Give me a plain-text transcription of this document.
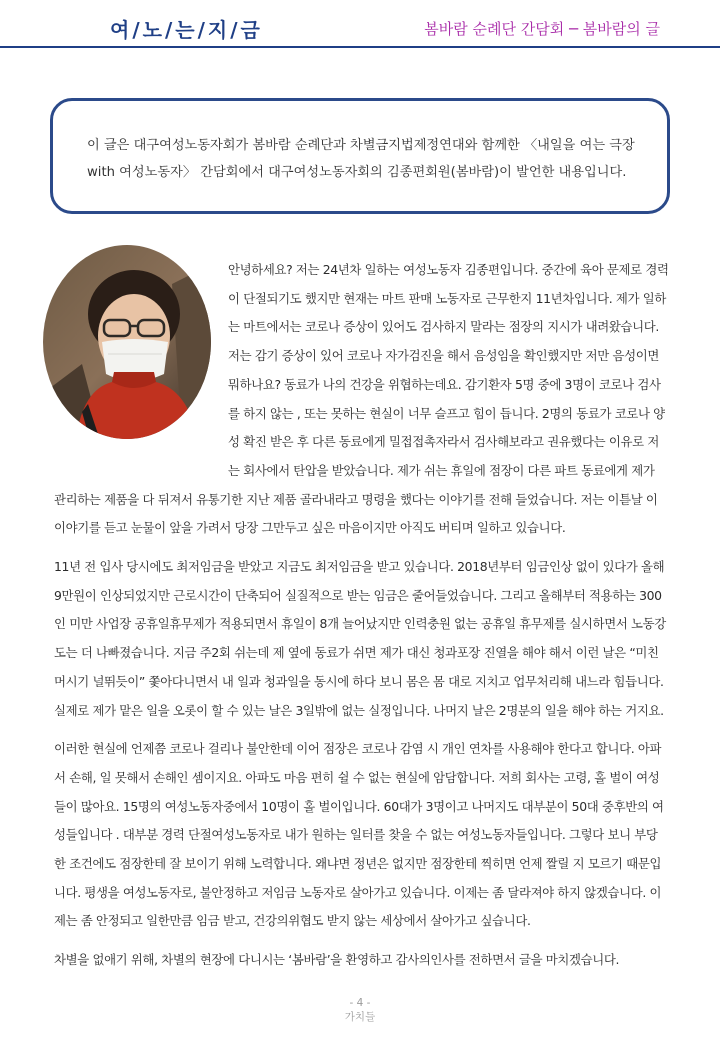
여/노/는/지/금	봄바람 순례단 간담회 ─ 봄바람의 글
이 글은 대구여성노동자회가 봄바람 순례단과 차별금지법제정연대와 함께한 〈내일을 여는 극장 with 여성노동자〉 간담회에서 대구여성노동자회의 김종편회원(봄바람)이 발언한 내용입니다.

안녕하세요? 저는 24년차 일하는 여성노동자 김종편입니다. 중간에 육아 문제로 경력이 단절되기도 했지만 현재는 마트 판매 노동자로 근무한지 11년차입니다. 제가 일하는 마트에서는 코로나 증상이 있어도 검사하지 말라는 점장의 지시가 내려왔습니다. 저는 감기 증상이 있어 코로나 자가검진을 해서 음성임을 확인했지만 저만 음성이면 뭐하나요? 동료가 나의 건강을 위협하는데요. 감기환자 5명 중에 3명이 코로나 검사를 하지 않는 , 또는 못하는 현실이 너무 슬프고 힘이 듭니다. 2명의 동료가 코로나 양성 확진 받은 후 다른 동료에게 밀접접촉자라서 검사해보라고 권유했다는 이유로 저는 회사에서 탄압을 받았습니다. 제가 쉬는 휴일에 점장이 다른 파트 동료에게 제가 관리하는 제품을 다 뒤져서 유통기한 지난 제품 골라내라고 명령을 했다는 이야기를 전해 들었습니다. 저는 이튿날 이 이야기를 듣고 눈물이 앞을 가려서 당장 그만두고 싶은 마음이지만 아직도 버티며 일하고 있습니다.

11년 전 입사 당시에도 최저임금을 받았고 지금도 최저임금을 받고 있습니다. 2018년부터 임금인상 없이 있다가 올해 9만원이 인상되었지만 근로시간이 단축되어 실질적으로 받는 임금은 줄어들었습니다. 그리고 올해부터 적용하는 300인 미만 사업장 공휴일휴무제가 적용되면서 휴일이 8개 늘어났지만 인력충원 없는 공휴일 휴무제를 실시하면서 노동강도는 더 나빠졌습니다. 지금 주2회 쉬는데 제 옆에 동료가 쉬면 제가 대신 청과포장 진열을 해야 해서 이런 날은 “미친 머시기 널뛰듯이” 쫓아다니면서 내 일과 청과일을 동시에 하다 보니 몸은 몸 대로 지치고 업무처리해 내느라 힘듭니다. 실제로 제가 맡은 일을 오롯이 할 수 있는 날은 3일밖에 없는 실정입니다. 나머지 날은 2명분의 일을 해야 하는 거지요.

이러한 현실에 언제쯤 코로나 걸리나 불안한데 이어 점장은 코로나 감염 시 개인 연차를 사용해야 한다고 합니다. 아파서 손해, 일 못해서 손해인 셈이지요. 아파도 마음 편히 쉴 수 없는 현실에 암담합니다. 저희 회사는 고령, 홀 벌이 여성들이 많아요. 15명의 여성노동자중에서 10명이 홀 벌이입니다. 60대가 3명이고 나머지도 대부분이 50대 중후반의 여성들입니다 . 대부분 경력 단절여성노동자로 내가 원하는 일터를 찾을 수 없는 여성노동자들입니다. 그렇다 보니 부당한 조건에도 점장한테 잘 보이기 위해 노력합니다. 왜냐면 정년은 없지만 점장한테 찍히면 언제 짤릴 지 모르기 때문입니다. 평생을 여성노동자로, 불안정하고 저임금 노동자로 살아가고 있습니다. 이제는 좀 달라져야 하지 않겠습니다. 이제는 좀 안정되고 일한만큼 임금 받고, 건강의위협도 받지 않는 세상에서 살아가고 싶습니다.

차별을 없애기 위해, 차별의 현장에 다니시는 ‘봄바람’을 환영하고 감사의인사를 전하면서 글을 마치겠습니다.

- 4 -
가치들
